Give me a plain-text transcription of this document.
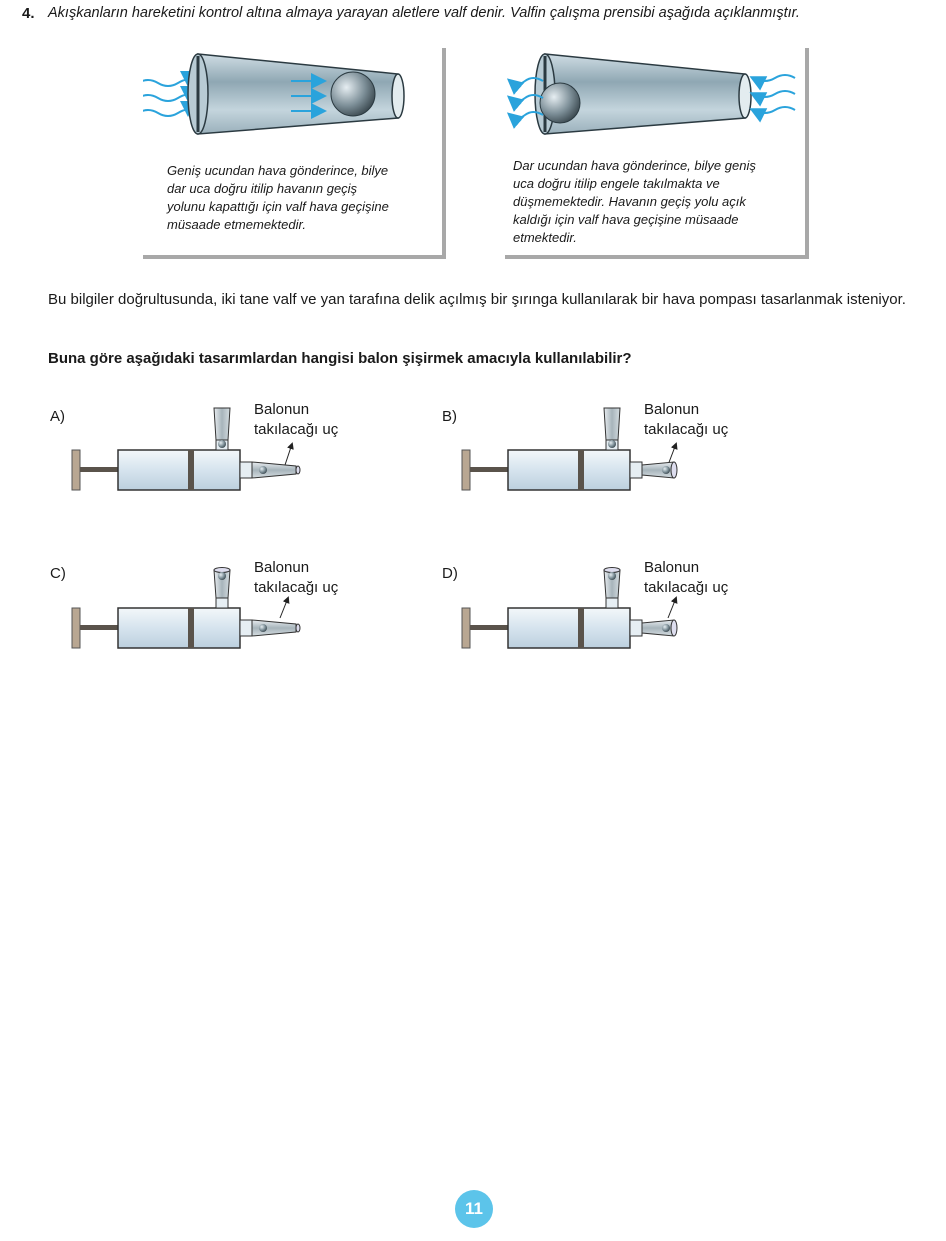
4. Akışkanların hareketini kontrol altına almaya yarayan aletlere valf denir. Valfin çalışma prensibi aşağıda açıklanmıştır.
Geniş ucundan hava gönderince, bilye
dar uca doğru itilip havanın geçiş
yolunu kapattığı için valf hava geçişine
müsaade etmemektedir.
Dar ucundan hava gönderince, bilye geniş
uca doğru itilip engele takılmakta ve
düşmemektedir. Havanın geçiş yolu açık
kaldığı için valf hava geçişine müsaade
etmektedir.
Bu bilgiler doğrultusunda, iki tane valf ve yan tarafına delik açılmış bir şırınga kullanılarak bir hava pompası tasarlanmak isteniyor.
Buna göre aşağıdaki tasarımlardan hangisi balon şişirmek amacıyla kullanılabilir?
A)	Balonun
takılacağı uç
B)	Balonun
takılacağı uç
C)	Balonun
takılacağı uç
D)	Balonun
takılacağı uç
11
